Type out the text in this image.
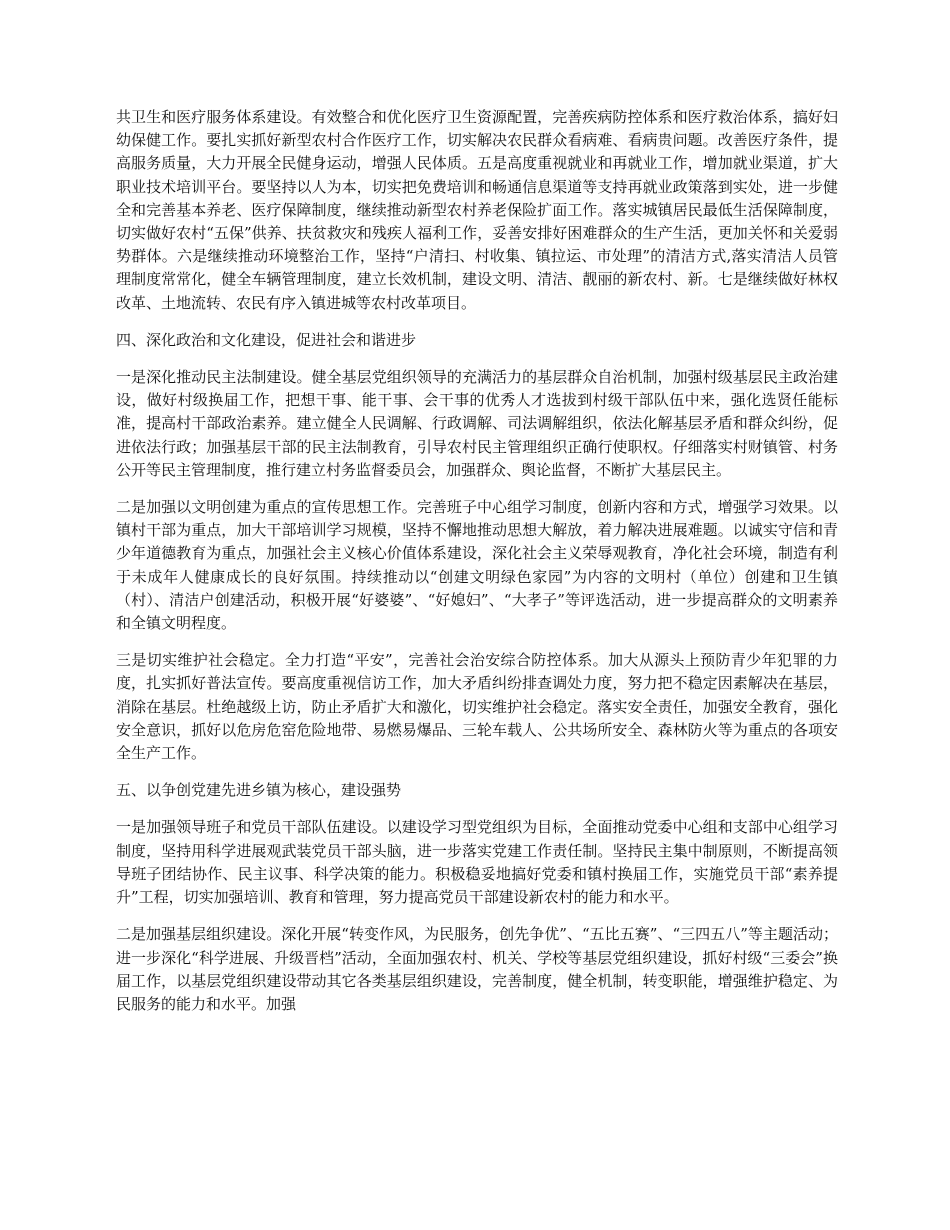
共卫生和医疗服务体系建设。有效整合和优化医疗卫生资源配置，完善疾病防控体系和医疗救治体系，搞好妇幼保健工作。要扎实抓好新型农村合作医疗工作，切实解决农民群众看病难、看病贵问题。改善医疗条件，提高服务质量，大力开展全民健身运动，增强人民体质。五是高度重视就业和再就业工作，增加就业渠道，扩大职业技术培训平台。要坚持以人为本，切实把免费培训和畅通信息渠道等支持再就业政策落到实处，进一步健全和完善基本养老、医疗保障制度，继续推动新型农村养老保险扩面工作。落实城镇居民最低生活保障制度，切实做好农村“五保”供养、扶贫救灾和残疾人福利工作，妥善安排好困难群众的生产生活，更加关怀和关爱弱势群体。六是继续推动环境整治工作，坚持“户清扫、村收集、镇拉运、市处理”的清洁方式,落实清洁人员管理制度常常化，健全车辆管理制度，建立长效机制，建设文明、清洁、靓丽的新农村、新。七是继续做好林权改革、土地流转、农民有序入镇进城等农村改革项目。

四、深化政治和文化建设，促进社会和谐进步

一是深化推动民主法制建设。健全基层党组织领导的充满活力的基层群众自治机制，加强村级基层民主政治建设，做好村级换届工作，把想干事、能干事、会干事的优秀人才选拔到村级干部队伍中来，强化选贤任能标准，提高村干部政治素养。建立健全人民调解、行政调解、司法调解组织，依法化解基层矛盾和群众纠纷，促进依法行政；加强基层干部的民主法制教育，引导农村民主管理组织正确行使职权。仔细落实村财镇管、村务公开等民主管理制度，推行建立村务监督委员会，加强群众、舆论监督，不断扩大基层民主。

二是加强以文明创建为重点的宣传思想工作。完善班子中心组学习制度，创新内容和方式，增强学习效果。以镇村干部为重点，加大干部培训学习规模，坚持不懈地推动思想大解放，着力解决进展难题。以诚实守信和青少年道德教育为重点，加强社会主义核心价值体系建设，深化社会主义荣辱观教育，净化社会环境，制造有利于未成年人健康成长的良好氛围。持续推动以“创建文明绿色家园”为内容的文明村（单位）创建和卫生镇（村）、清洁户创建活动，积极开展“好婆婆”、“好媳妇”、“大孝子”等评选活动，进一步提高群众的文明素养和全镇文明程度。

三是切实维护社会稳定。全力打造“平安”，完善社会治安综合防控体系。加大从源头上预防青少年犯罪的力度，扎实抓好普法宣传。要高度重视信访工作，加大矛盾纠纷排查调处力度，努力把不稳定因素解决在基层，消除在基层。杜绝越级上访，防止矛盾扩大和激化，切实维护社会稳定。落实安全责任，加强安全教育，强化安全意识，抓好以危房危窑危险地带、易燃易爆品、三轮车载人、公共场所安全、森林防火等为重点的各项安全生产工作。

五、以争创党建先进乡镇为核心，建设强势

一是加强领导班子和党员干部队伍建设。以建设学习型党组织为目标，全面推动党委中心组和支部中心组学习制度，坚持用科学进展观武装党员干部头脑，进一步落实党建工作责任制。坚持民主集中制原则，不断提高领导班子团结协作、民主议事、科学决策的能力。积极稳妥地搞好党委和镇村换届工作，实施党员干部“素养提升”工程，切实加强培训、教育和管理，努力提高党员干部建设新农村的能力和水平。

二是加强基层组织建设。深化开展“转变作风，为民服务，创先争优”、“五比五赛”、“三四五八”等主题活动；进一步深化“科学进展、升级晋档”活动，全面加强农村、机关、学校等基层党组织建设，抓好村级“三委会”换届工作，以基层党组织建设带动其它各类基层组织建设，完善制度，健全机制，转变职能，增强维护稳定、为民服务的能力和水平。加强
